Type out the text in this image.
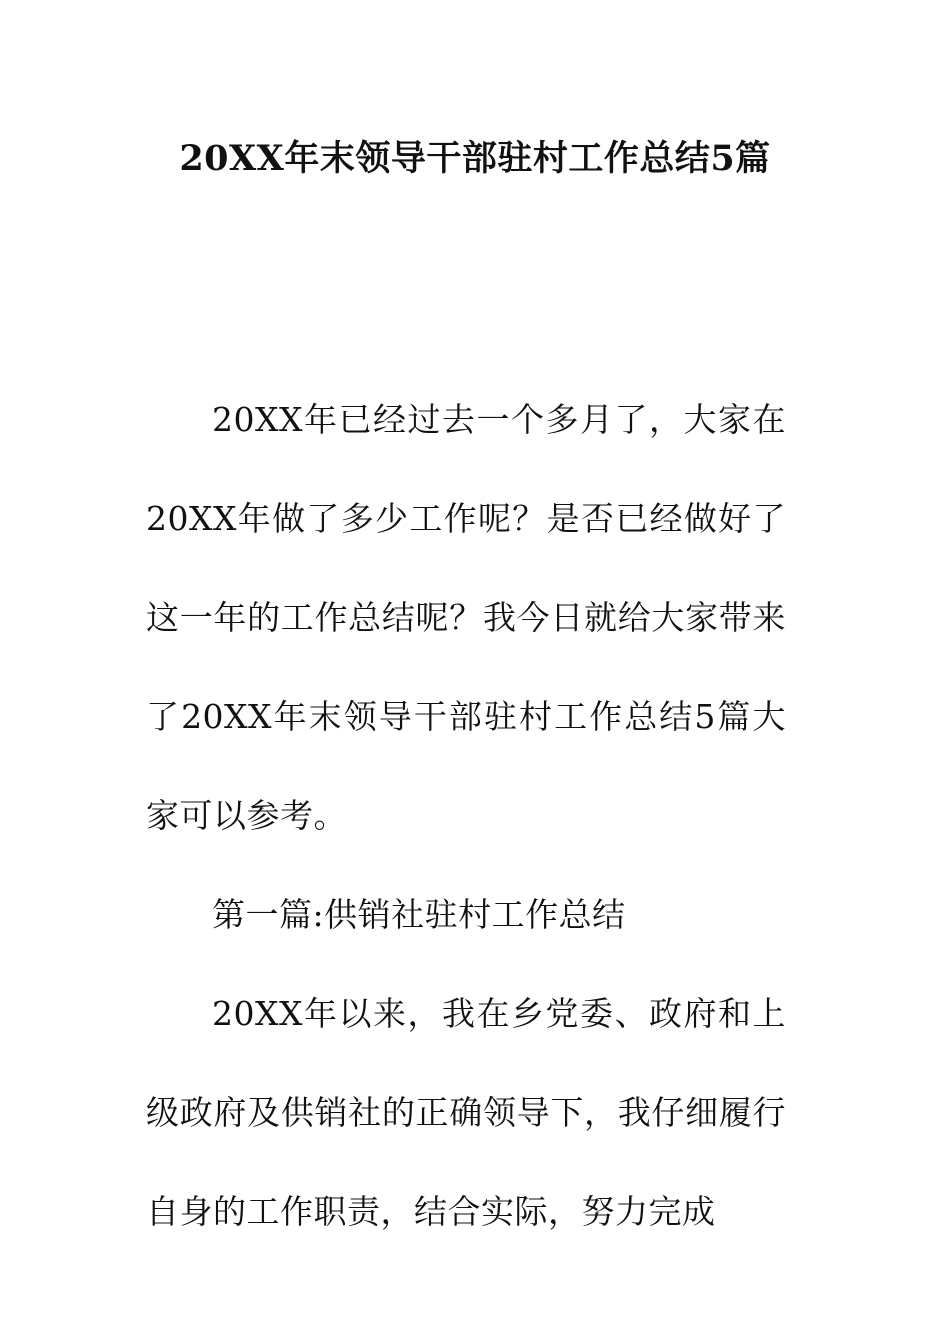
20XX年末领导干部驻村工作总结5篇

20XX年已经过去一个多月了，大家在20XX年做了多少工作呢？是否已经做好了这一年的工作总结呢？我今日就给大家带来了20XX年末领导干部驻村工作总结5篇大家可以参考。

第一篇:供销社驻村工作总结

20XX年以来，我在乡党委、政府和上级政府及供销社的正确领导下，我仔细履行自身的工作职责，结合实际，努力完成
